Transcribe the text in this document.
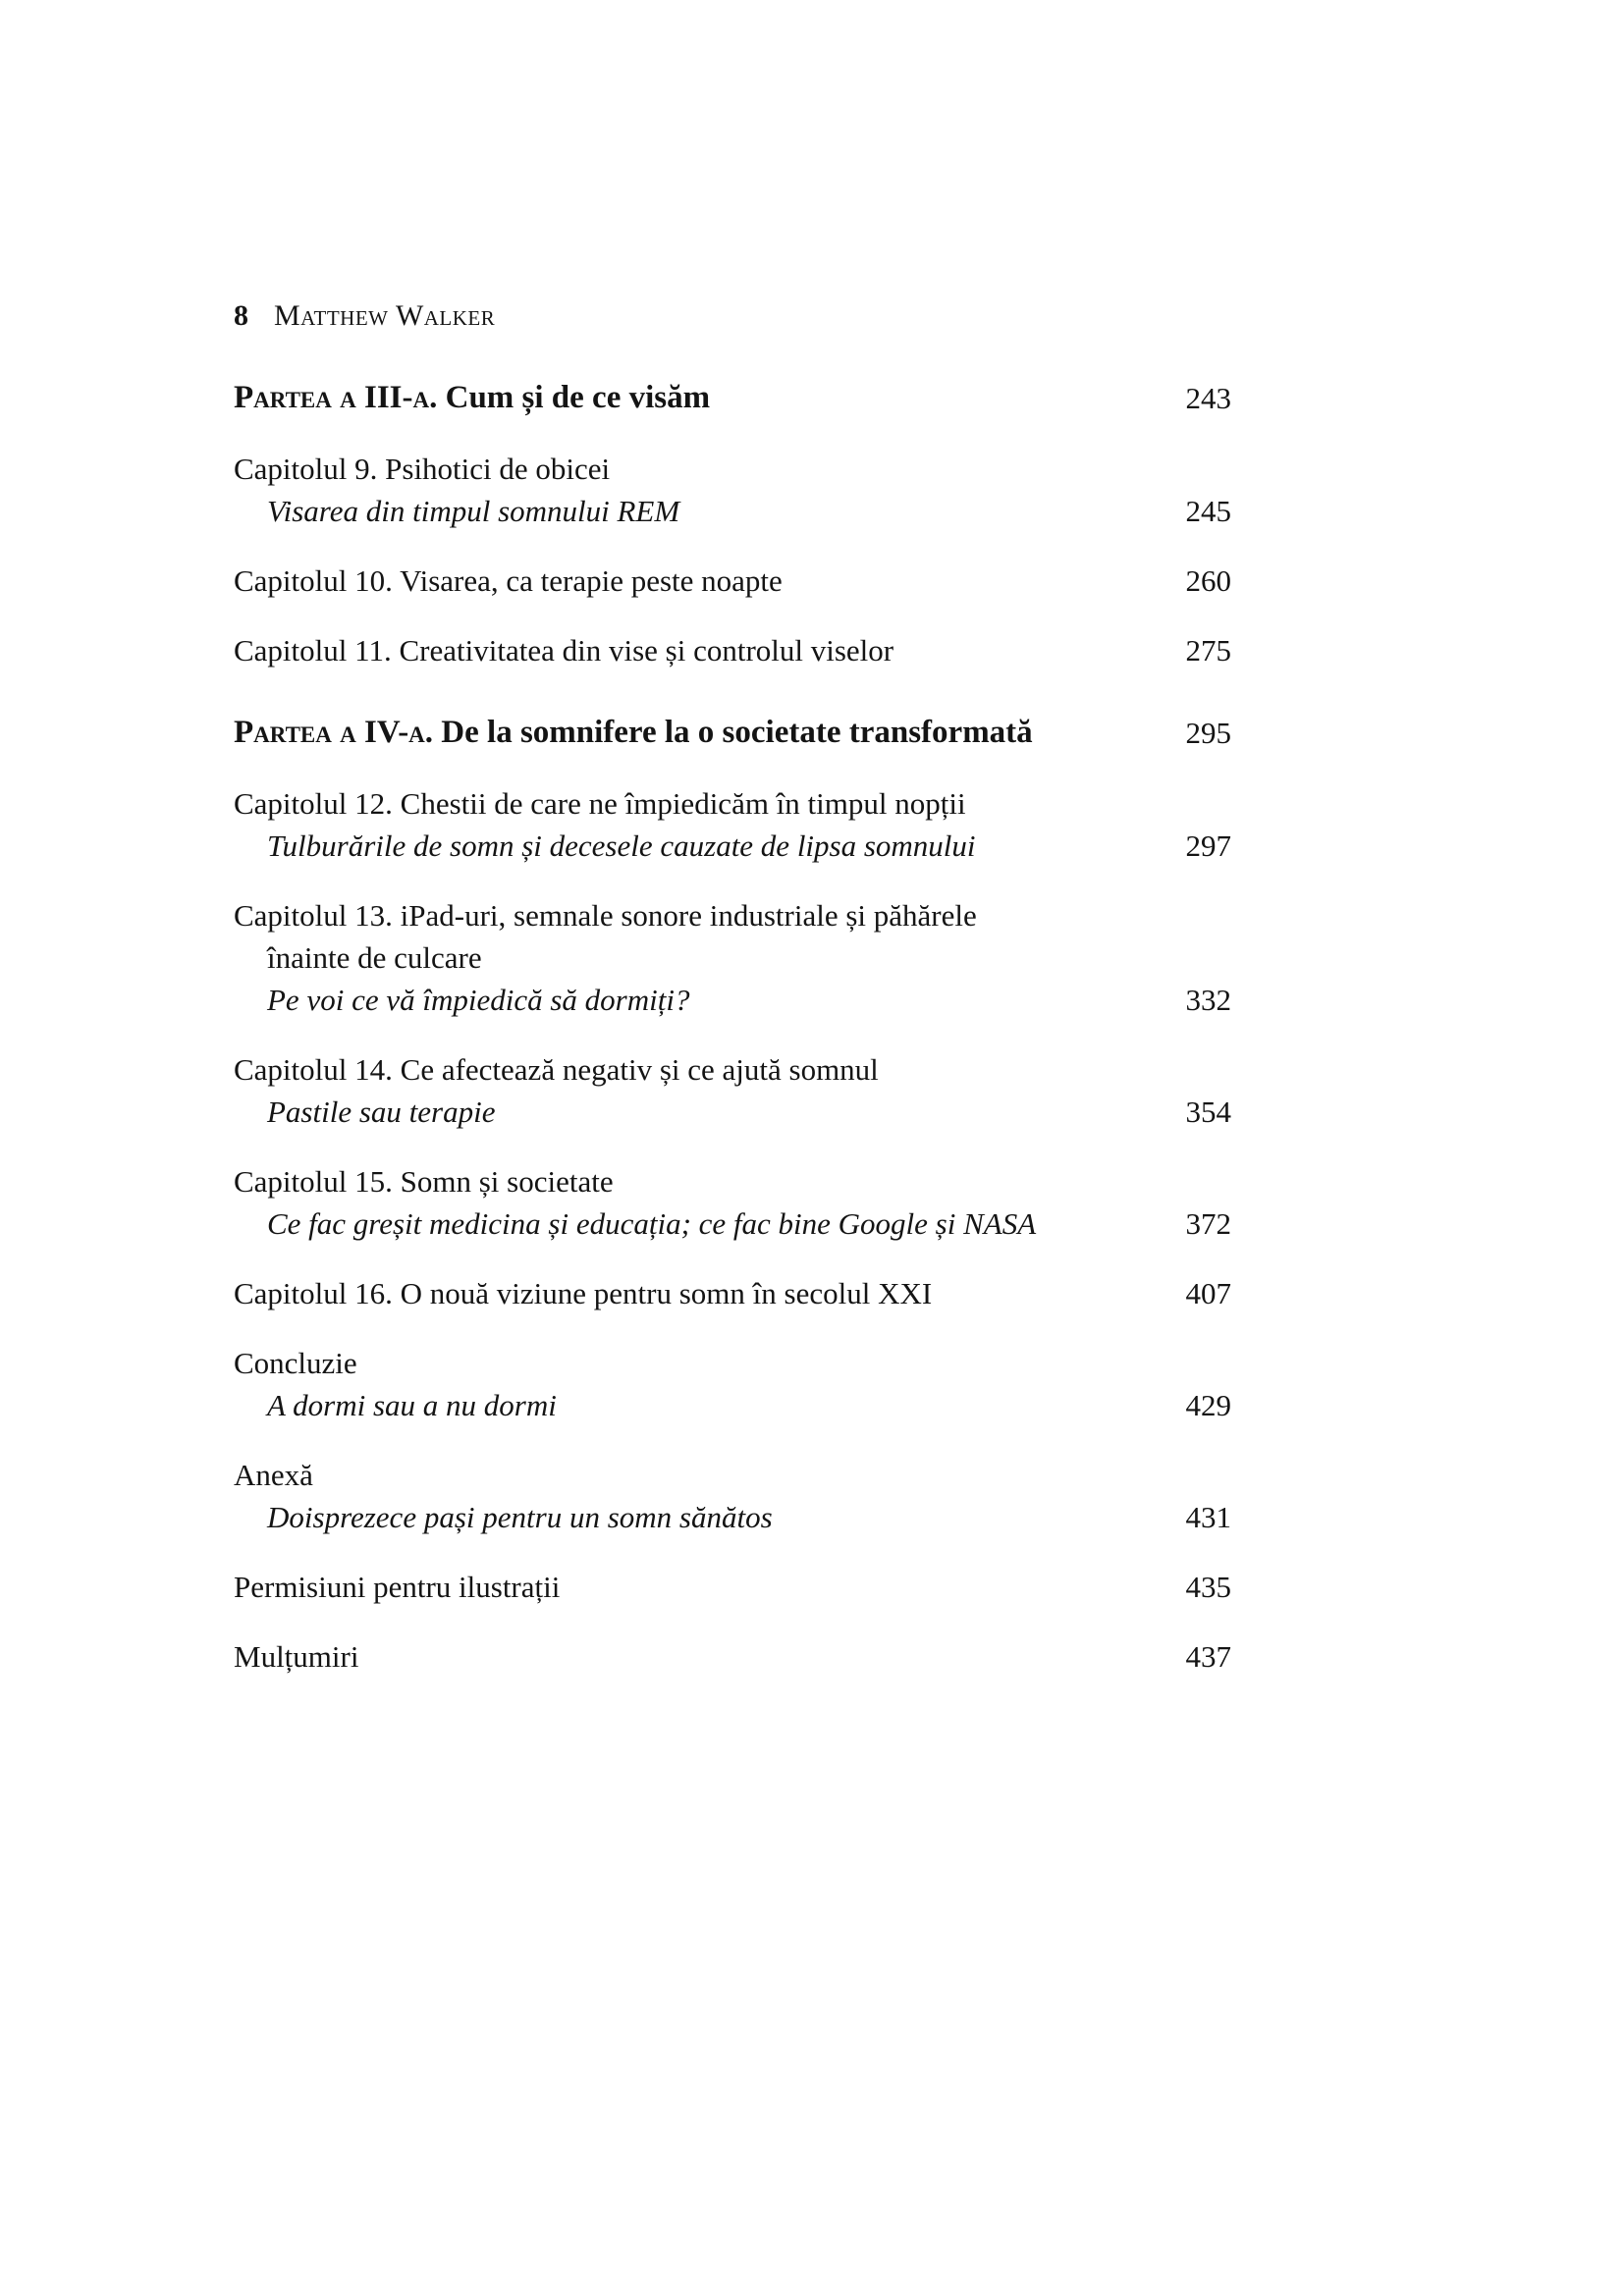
8 Matthew Walker
Partea a III-a. Cum și de ce visăm	243
Capitolul 9. Psihotici de obicei
Visarea din timpul somnului REM	245
Capitolul 10. Visarea, ca terapie peste noapte	260
Capitolul 11. Creativitatea din vise și controlul viselor	275
Partea a IV-a. De la somnifere la o societate transformată	295
Capitolul 12. Chestii de care ne împiedicăm în timpul nopții
Tulburările de somn și decesele cauzate de lipsa somnului	297
Capitolul 13. iPad-uri, semnale sonore industriale și păhărele
înainte de culcare
Pe voi ce vă împiedică să dormiți?	332
Capitolul 14. Ce afectează negativ și ce ajută somnul
Pastile sau terapie	354
Capitolul 15. Somn și societate
Ce fac greșit medicina și educația; ce fac bine Google și NASA	372
Capitolul 16. O nouă viziune pentru somn în secolul XXI	407
Concluzie
A dormi sau a nu dormi	429
Anexă
Doisprezece pași pentru un somn sănătos	431
Permisiuni pentru ilustrații	435
Mulțumiri	437
